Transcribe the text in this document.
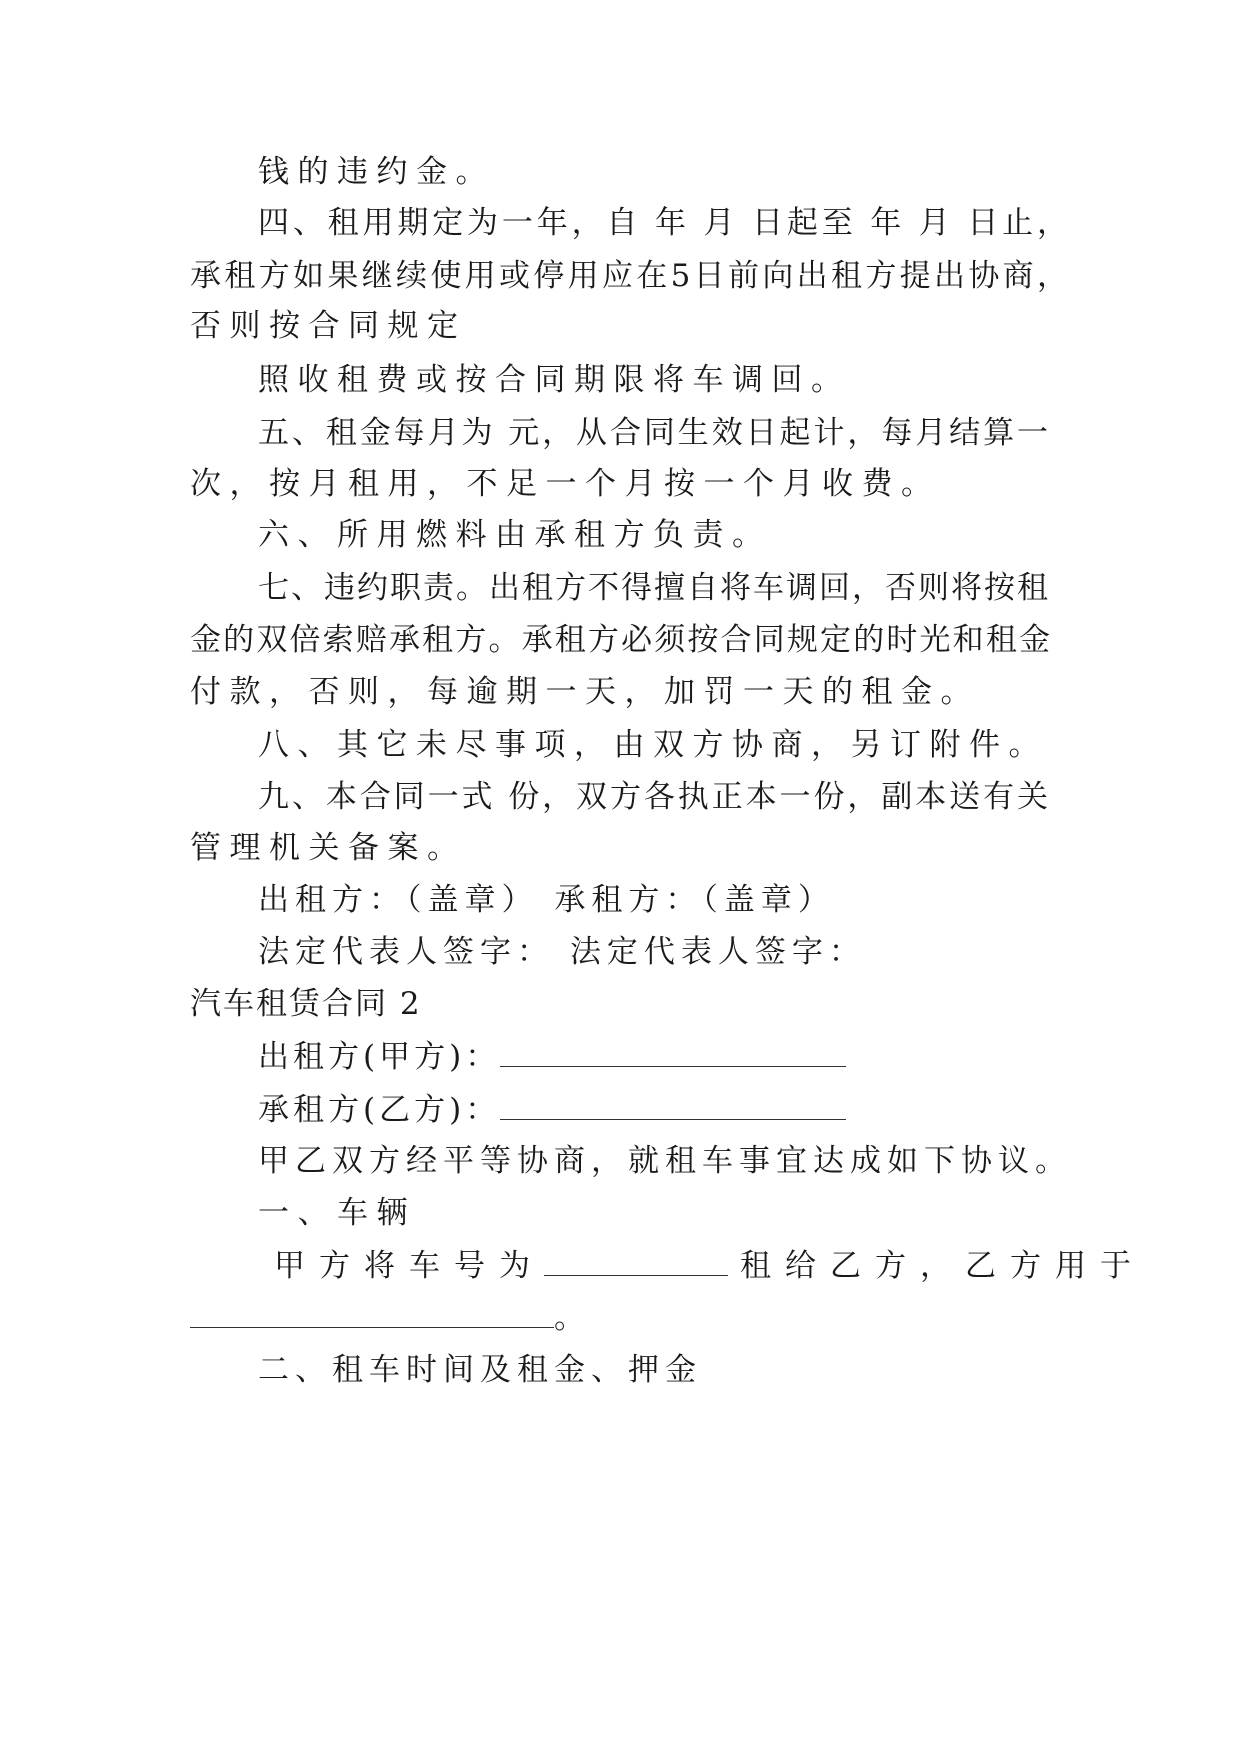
钱的违约金。
四、租用期定为一年，自 年 月 日起至 年 月 日止，
承租方如果继续使用或停用应在5日前向出租方提出协商，
否则按合同规定
照收租费或按合同期限将车调回。
五、租金每月为 元，从合同生效日起计，每月结算一
次，按月租用，不足一个月按一个月收费。
六、所用燃料由承租方负责。
七、违约职责。出租方不得擅自将车调回，否则将按租
金的双倍索赔承租方。承租方必须按合同规定的时光和租金
付款，否则，每逾期一天，加罚一天的租金。
八、其它未尽事项，由双方协商，另订附件。
九、本合同一式 份，双方各执正本一份，副本送有关
管理机关备案。
出租方：（盖章） 承租方：（盖章）
法定代表人签字： 法定代表人签字：
汽车租赁合同 2
出租方(甲方)：
承租方(乙方)：
甲乙双方经平等协商，就租车事宜达成如下协议。
一、车辆
甲方将车号为	租给乙方，乙方用于
。
二、租车时间及租金、押金
